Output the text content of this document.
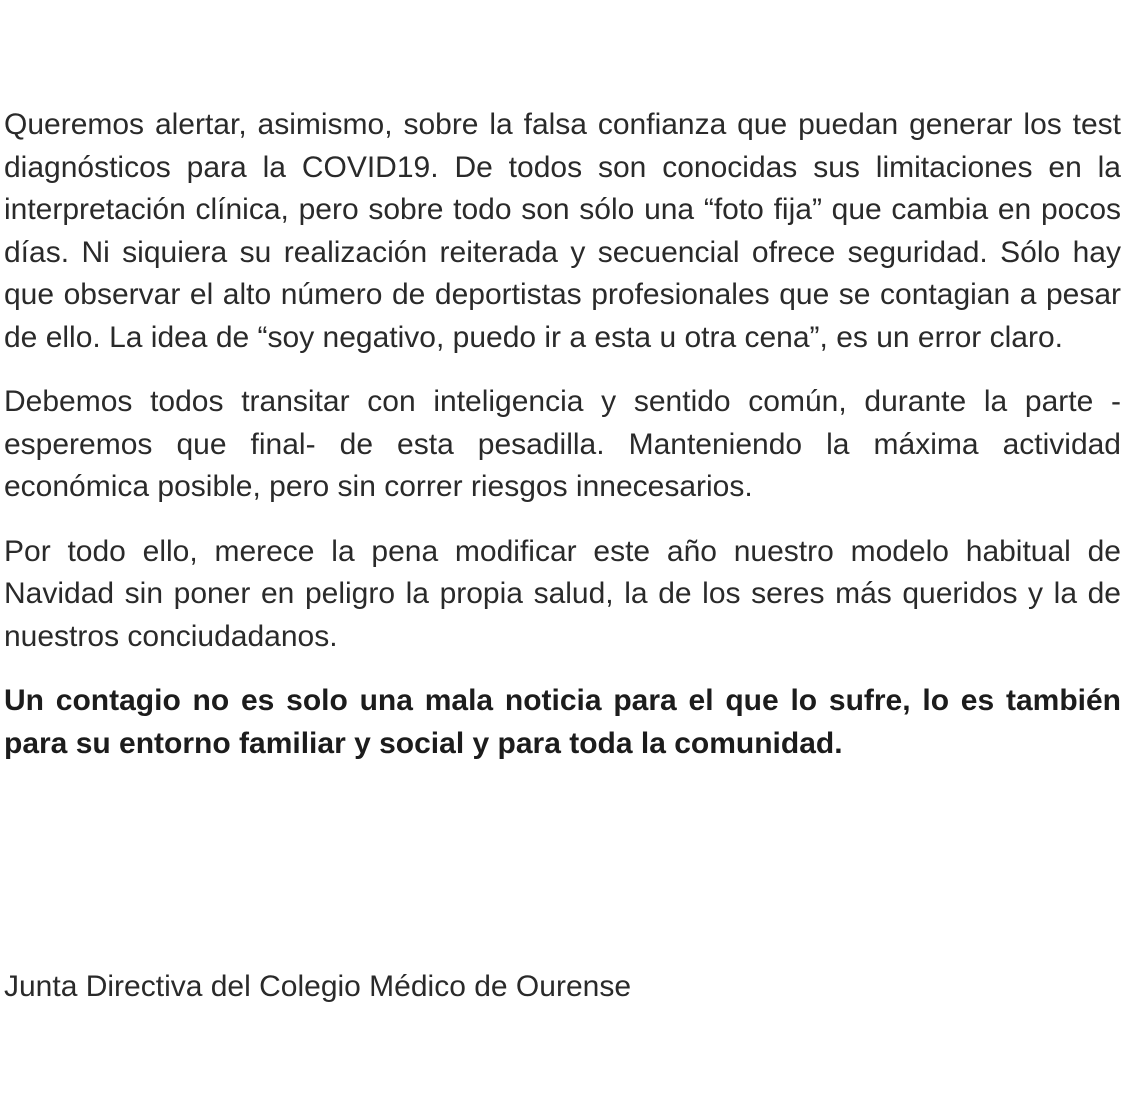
Queremos alertar, asimismo, sobre la falsa confianza que puedan generar los test diagnósticos para la COVID19. De todos son conocidas sus limitaciones en la interpretación clínica, pero sobre todo son sólo una “foto fija” que cambia en pocos días. Ni siquiera su realización reiterada y secuencial ofrece seguridad. Sólo hay que observar el alto número de deportistas profesionales que se contagian a pesar de ello. La idea de “soy negativo, puedo ir a esta u otra cena”, es un error claro.

Debemos todos transitar con inteligencia y sentido común, durante la parte -esperemos que final- de esta pesadilla. Manteniendo la máxima actividad económica posible, pero sin correr riesgos innecesarios.

Por todo ello, merece la pena modificar este año nuestro modelo habitual de Navidad sin poner en peligro la propia salud, la de los seres más queridos y la de nuestros conciudadanos.

Un contagio no es solo una mala noticia para el que lo sufre, lo es también para su entorno familiar y social y para toda la comunidad.

Junta Directiva del Colegio Médico de Ourense
